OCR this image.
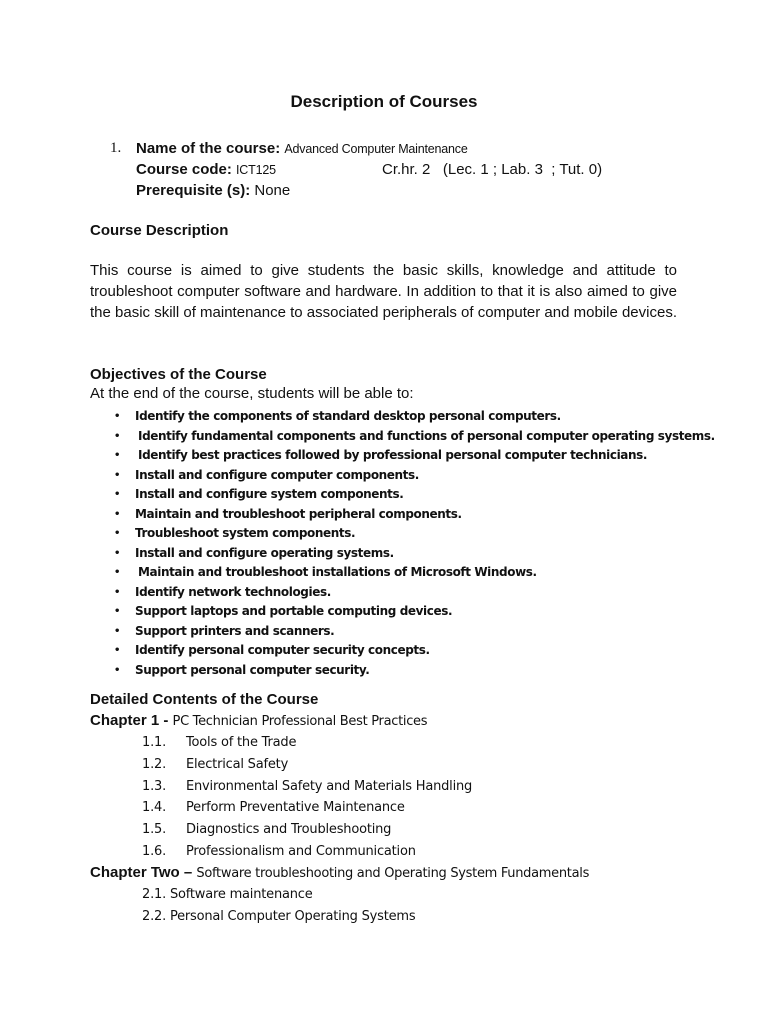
Description of Courses
1. Name of the course: Advanced Computer Maintenance
Course code: ICT125	Cr.hr. 2   (Lec. 1 ; Lab. 3  ; Tut. 0)
Prerequisite (s): None
Course Description
This course is aimed to give students the basic skills, knowledge and attitude to troubleshoot computer software and hardware. In addition to that it is also aimed to give the basic skill of maintenance to associated peripherals of computer and mobile devices.
Objectives of the Course
At the end of the course, students will be able to:
• Identify the components of standard desktop personal computers.
• Identify fundamental components and functions of personal computer operating systems.
• Identify best practices followed by professional personal computer technicians.
• Install and configure computer components.
• Install and configure system components.
• Maintain and troubleshoot peripheral components.
• Troubleshoot system components.
• Install and configure operating systems.
• Maintain and troubleshoot installations of Microsoft Windows.
• Identify network technologies.
• Support laptops and portable computing devices.
• Support printers and scanners.
• Identify personal computer security concepts.
• Support personal computer security.
Detailed Contents of the Course
Chapter 1 - PC Technician Professional Best Practices
1.1. Tools of the Trade
1.2. Electrical Safety
1.3. Environmental Safety and Materials Handling
1.4. Perform Preventative Maintenance
1.5. Diagnostics and Troubleshooting
1.6. Professionalism and Communication
Chapter Two – Software troubleshooting and Operating System Fundamentals
2.1. Software maintenance
2.2. Personal Computer Operating Systems
